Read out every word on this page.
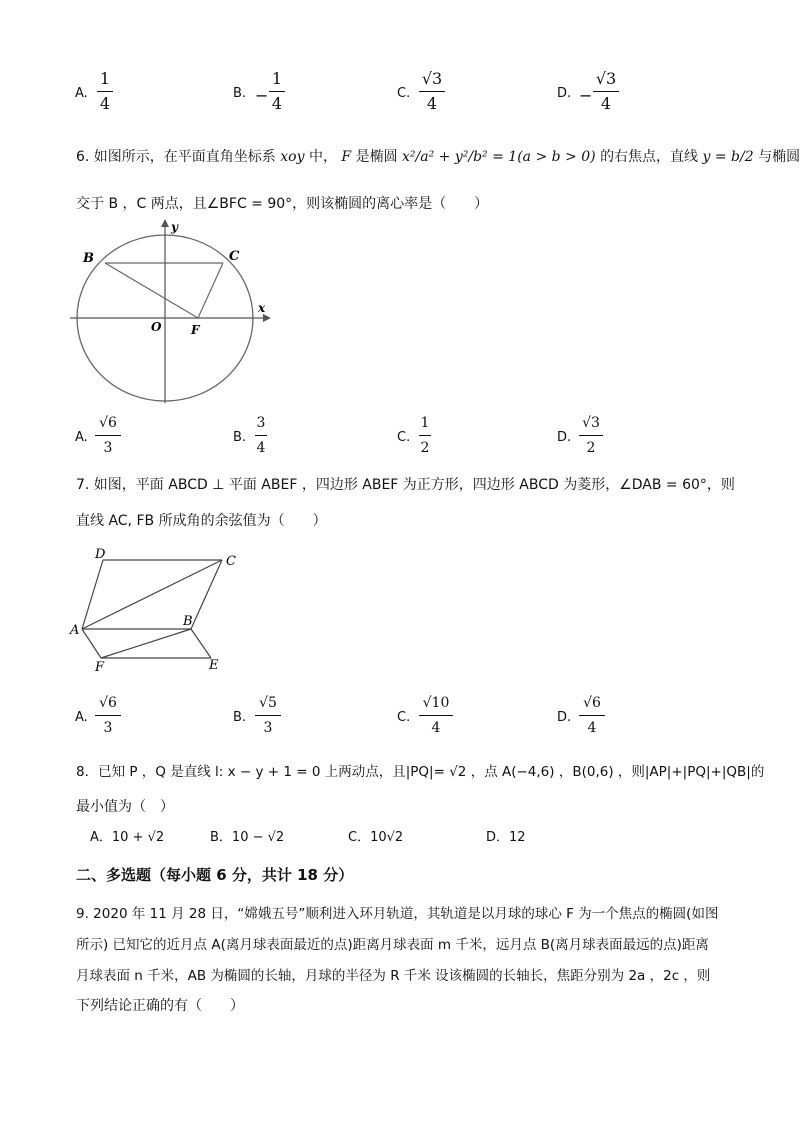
A.
1
4
B. −
1
4
C.
√3
4
D. −
√3
4
6. 如图所示，在平面直角坐标系 xoy 中， F 是椭圆 x²/a² + y²/b² = 1(a > b > 0) 的右焦点，直线 y = b/2 与椭圆
交于 B ，C 两点，且∠BFC = 90°，则该椭圆的离心率是（　　）
B	C
O F
x
y
A.
√6
3
B.
3
4
C.
1
2
D.
√3
2
7. 如图，平面 ABCD ⊥ 平面 ABEF ，四边形 ABEF 为正方形，四边形 ABCD 为菱形，∠DAB = 60°，则
直线 AC, FB 所成角的余弦值为（　　）
D	C
A
B
F	E
A.
√6
3
B.
√5
3
C.
√10
4
D.
√6
4
8．已知 P ，Q 是直线 l: x − y + 1 = 0 上两动点，且|PQ|= √2 ，点 A(−4,6) ，B(0,6) ，则|AP|+|PQ|+|QB|的
最小值为（　）
A．10 + √2	B．10 − √2	C．10√2	D．12
二、多选题（每小题 6 分，共计 18 分）
9. 2020 年 11 月 28 日，“嫦娥五号”顺利进入环月轨道，其轨道是以月球的球心 F 为一个焦点的椭圆(如图
所示) 已知它的近月点 A(离月球表面最近的点)距离月球表面 m 千米，远月点 B(离月球表面最远的点)距离
月球表面 n 千米，AB 为椭圆的长轴，月球的半径为 R 千米 设该椭圆的长轴长，焦距分别为 2a ，2c ，则
下列结论正确的有（　　）
